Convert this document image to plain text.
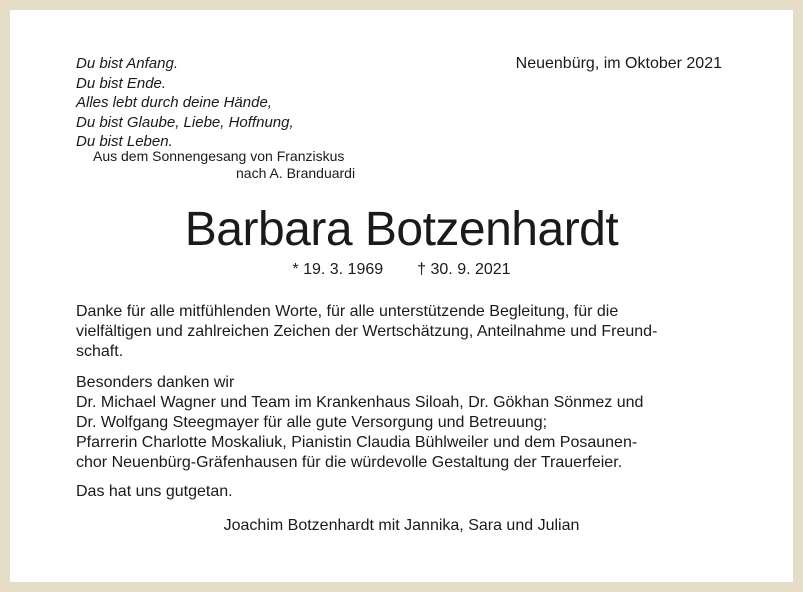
Du bist Anfang.
Du bist Ende.
Alles lebt durch deine Hände,
Du bist Glaube, Liebe, Hoffnung,
Du bist Leben.
Aus dem Sonnengesang von Franziskus
nach A. Branduardi
Neuenbürg, im Oktober 2021
Barbara Botzenhardt
* 19. 3. 1969 † 30. 9. 2021
Danke für alle mitfühlenden Worte, für alle unterstützende Begleitung, für die
vielfältigen und zahlreichen Zeichen der Wertschätzung, Anteilnahme und Freund-
schaft.
Besonders danken wir
Dr. Michael Wagner und Team im Krankenhaus Siloah, Dr. Gökhan Sönmez und
Dr. Wolfgang Steegmayer für alle gute Versorgung und Betreuung;
Pfarrerin Charlotte Moskaliuk, Pianistin Claudia Bühlweiler und dem Posaunen-
chor Neuenbürg-Gräfenhausen für die würdevolle Gestaltung der Trauerfeier.
Das hat uns gutgetan.
Joachim Botzenhardt mit Jannika, Sara und Julian
